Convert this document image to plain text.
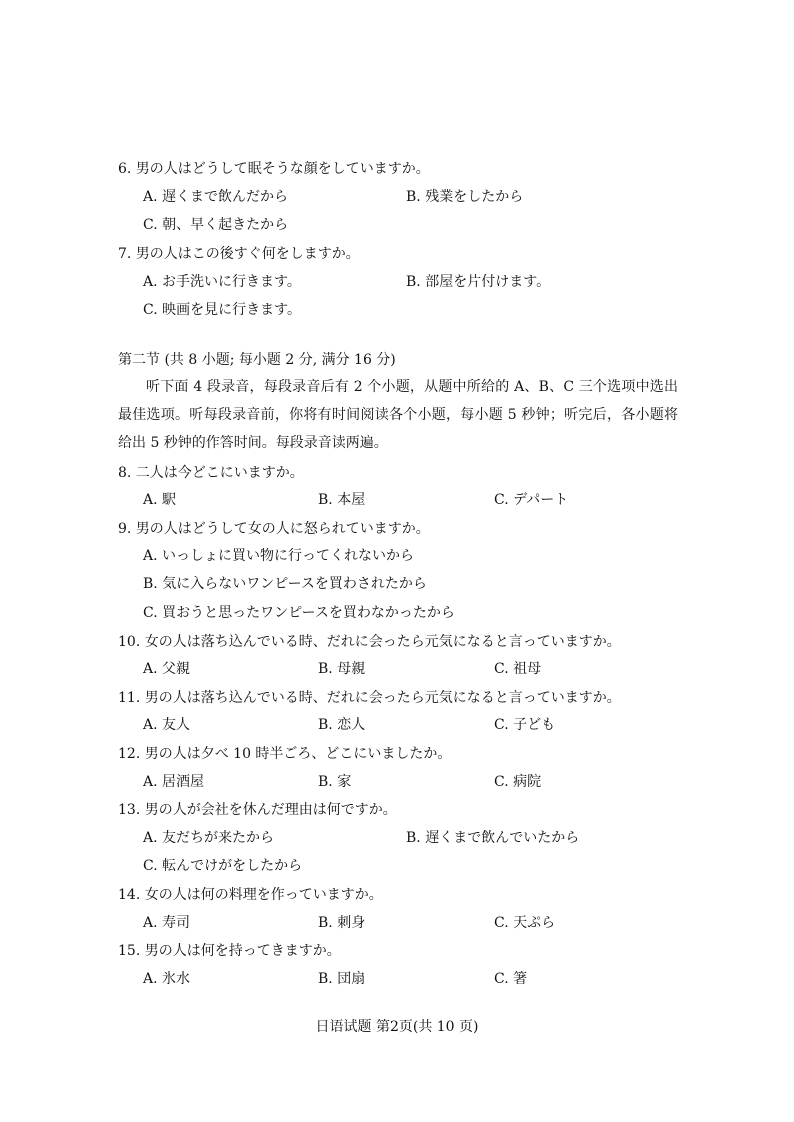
6. 男の人はどうして眠そうな顔をしていますか。
A. 遅くまで飲んだから	B. 残業をしたから
C. 朝、早く起きたから
7. 男の人はこの後すぐ何をしますか。
A. お手洗いに行きます。	B. 部屋を片付けます。
C. 映画を見に行きます。
第二节 (共 8 小题; 每小题 2 分, 满分 16 分)
听下面 4 段录音，每段录音后有 2 个小题，从题中所给的 A、B、C 三个选项中选出最佳选项。听每段录音前，你将有时间阅读各个小题，每小题 5 秒钟；听完后，各小题将给出 5 秒钟的作答时间。每段录音读两遍。
8. 二人は今どこにいますか。
A. 駅	B. 本屋	C. デパート
9. 男の人はどうして女の人に怒られていますか。
A. いっしょに買い物に行ってくれないから
B. 気に入らないワンピースを買わされたから
C. 買おうと思ったワンピースを買わなかったから
10. 女の人は落ち込んでいる時、だれに会ったら元気になると言っていますか。
A. 父親	B. 母親	C. 祖母
11. 男の人は落ち込んでいる時、だれに会ったら元気になると言っていますか。
A. 友人	B. 恋人	C. 子ども
12. 男の人は夕べ 10 時半ごろ、どこにいましたか。
A. 居酒屋	B. 家	C. 病院
13. 男の人が会社を休んだ理由は何ですか。
A. 友だちが来たから	B. 遅くまで飲んでいたから
C. 転んでけがをしたから
14. 女の人は何の料理を作っていますか。
A. 寿司	B. 刺身	C. 天ぷら
15. 男の人は何を持ってきますか。
A. 氷水	B. 団扇	C. 箸
日语试题 第2页(共 10 页)
